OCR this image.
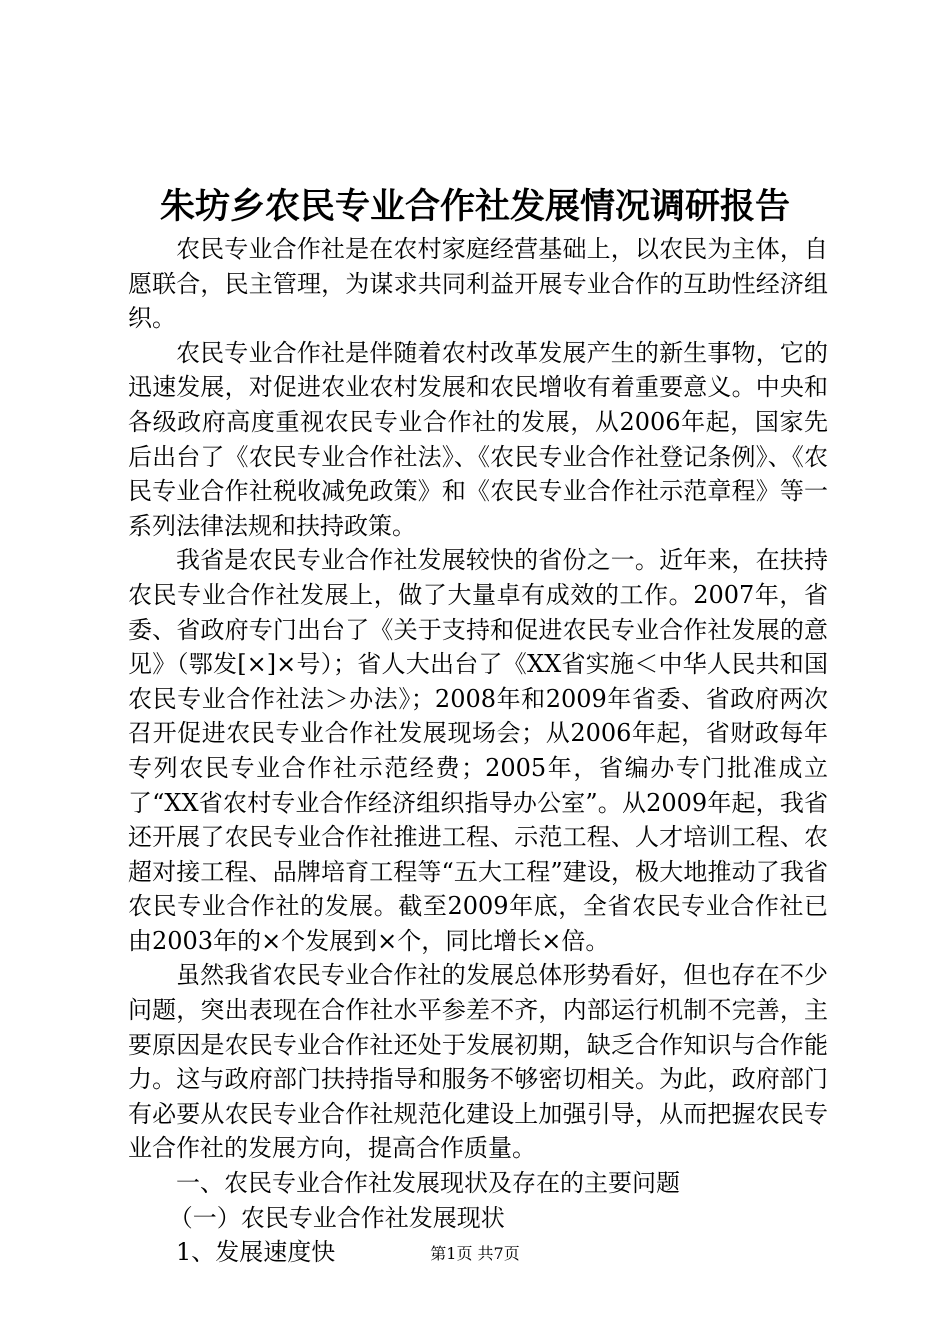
朱坊乡农民专业合作社发展情况调研报告

农民专业合作社是在农村家庭经营基础上，以农民为主体，自愿联合，民主管理，为谋求共同利益开展专业合作的互助性经济组织。

农民专业合作社是伴随着农村改革发展产生的新生事物，它的迅速发展，对促进农业农村发展和农民增收有着重要意义。中央和各级政府高度重视农民专业合作社的发展，从2006年起，国家先后出台了《农民专业合作社法》、《农民专业合作社登记条例》、《农民专业合作社税收减免政策》和《农民专业合作社示范章程》等一系列法律法规和扶持政策。

我省是农民专业合作社发展较快的省份之一。近年来，在扶持农民专业合作社发展上，做了大量卓有成效的工作。2007年，省委、省政府专门出台了《关于支持和促进农民专业合作社发展的意见》（鄂发[×]×号）；省人大出台了《XX省实施＜中华人民共和国农民专业合作社法＞办法》；2008年和2009年省委、省政府两次召开促进农民专业合作社发展现场会；从2006年起，省财政每年专列农民专业合作社示范经费；2005年，省编办专门批准成立了“XX省农村专业合作经济组织指导办公室”。从2009年起，我省还开展了农民专业合作社推进工程、示范工程、人才培训工程、农超对接工程、品牌培育工程等“五大工程”建设，极大地推动了我省农民专业合作社的发展。截至2009年底，全省农民专业合作社已由2003年的×个发展到×个，同比增长×倍。

虽然我省农民专业合作社的发展总体形势看好，但也存在不少问题，突出表现在合作社水平参差不齐，内部运行机制不完善，主要原因是农民专业合作社还处于发展初期，缺乏合作知识与合作能力。这与政府部门扶持指导和服务不够密切相关。为此，政府部门有必要从农民专业合作社规范化建设上加强引导，从而把握农民专业合作社的发展方向，提高合作质量。

一、农民专业合作社发展现状及存在的主要问题

（一）农民专业合作社发展现状

1、发展速度快	第1页 共7页
